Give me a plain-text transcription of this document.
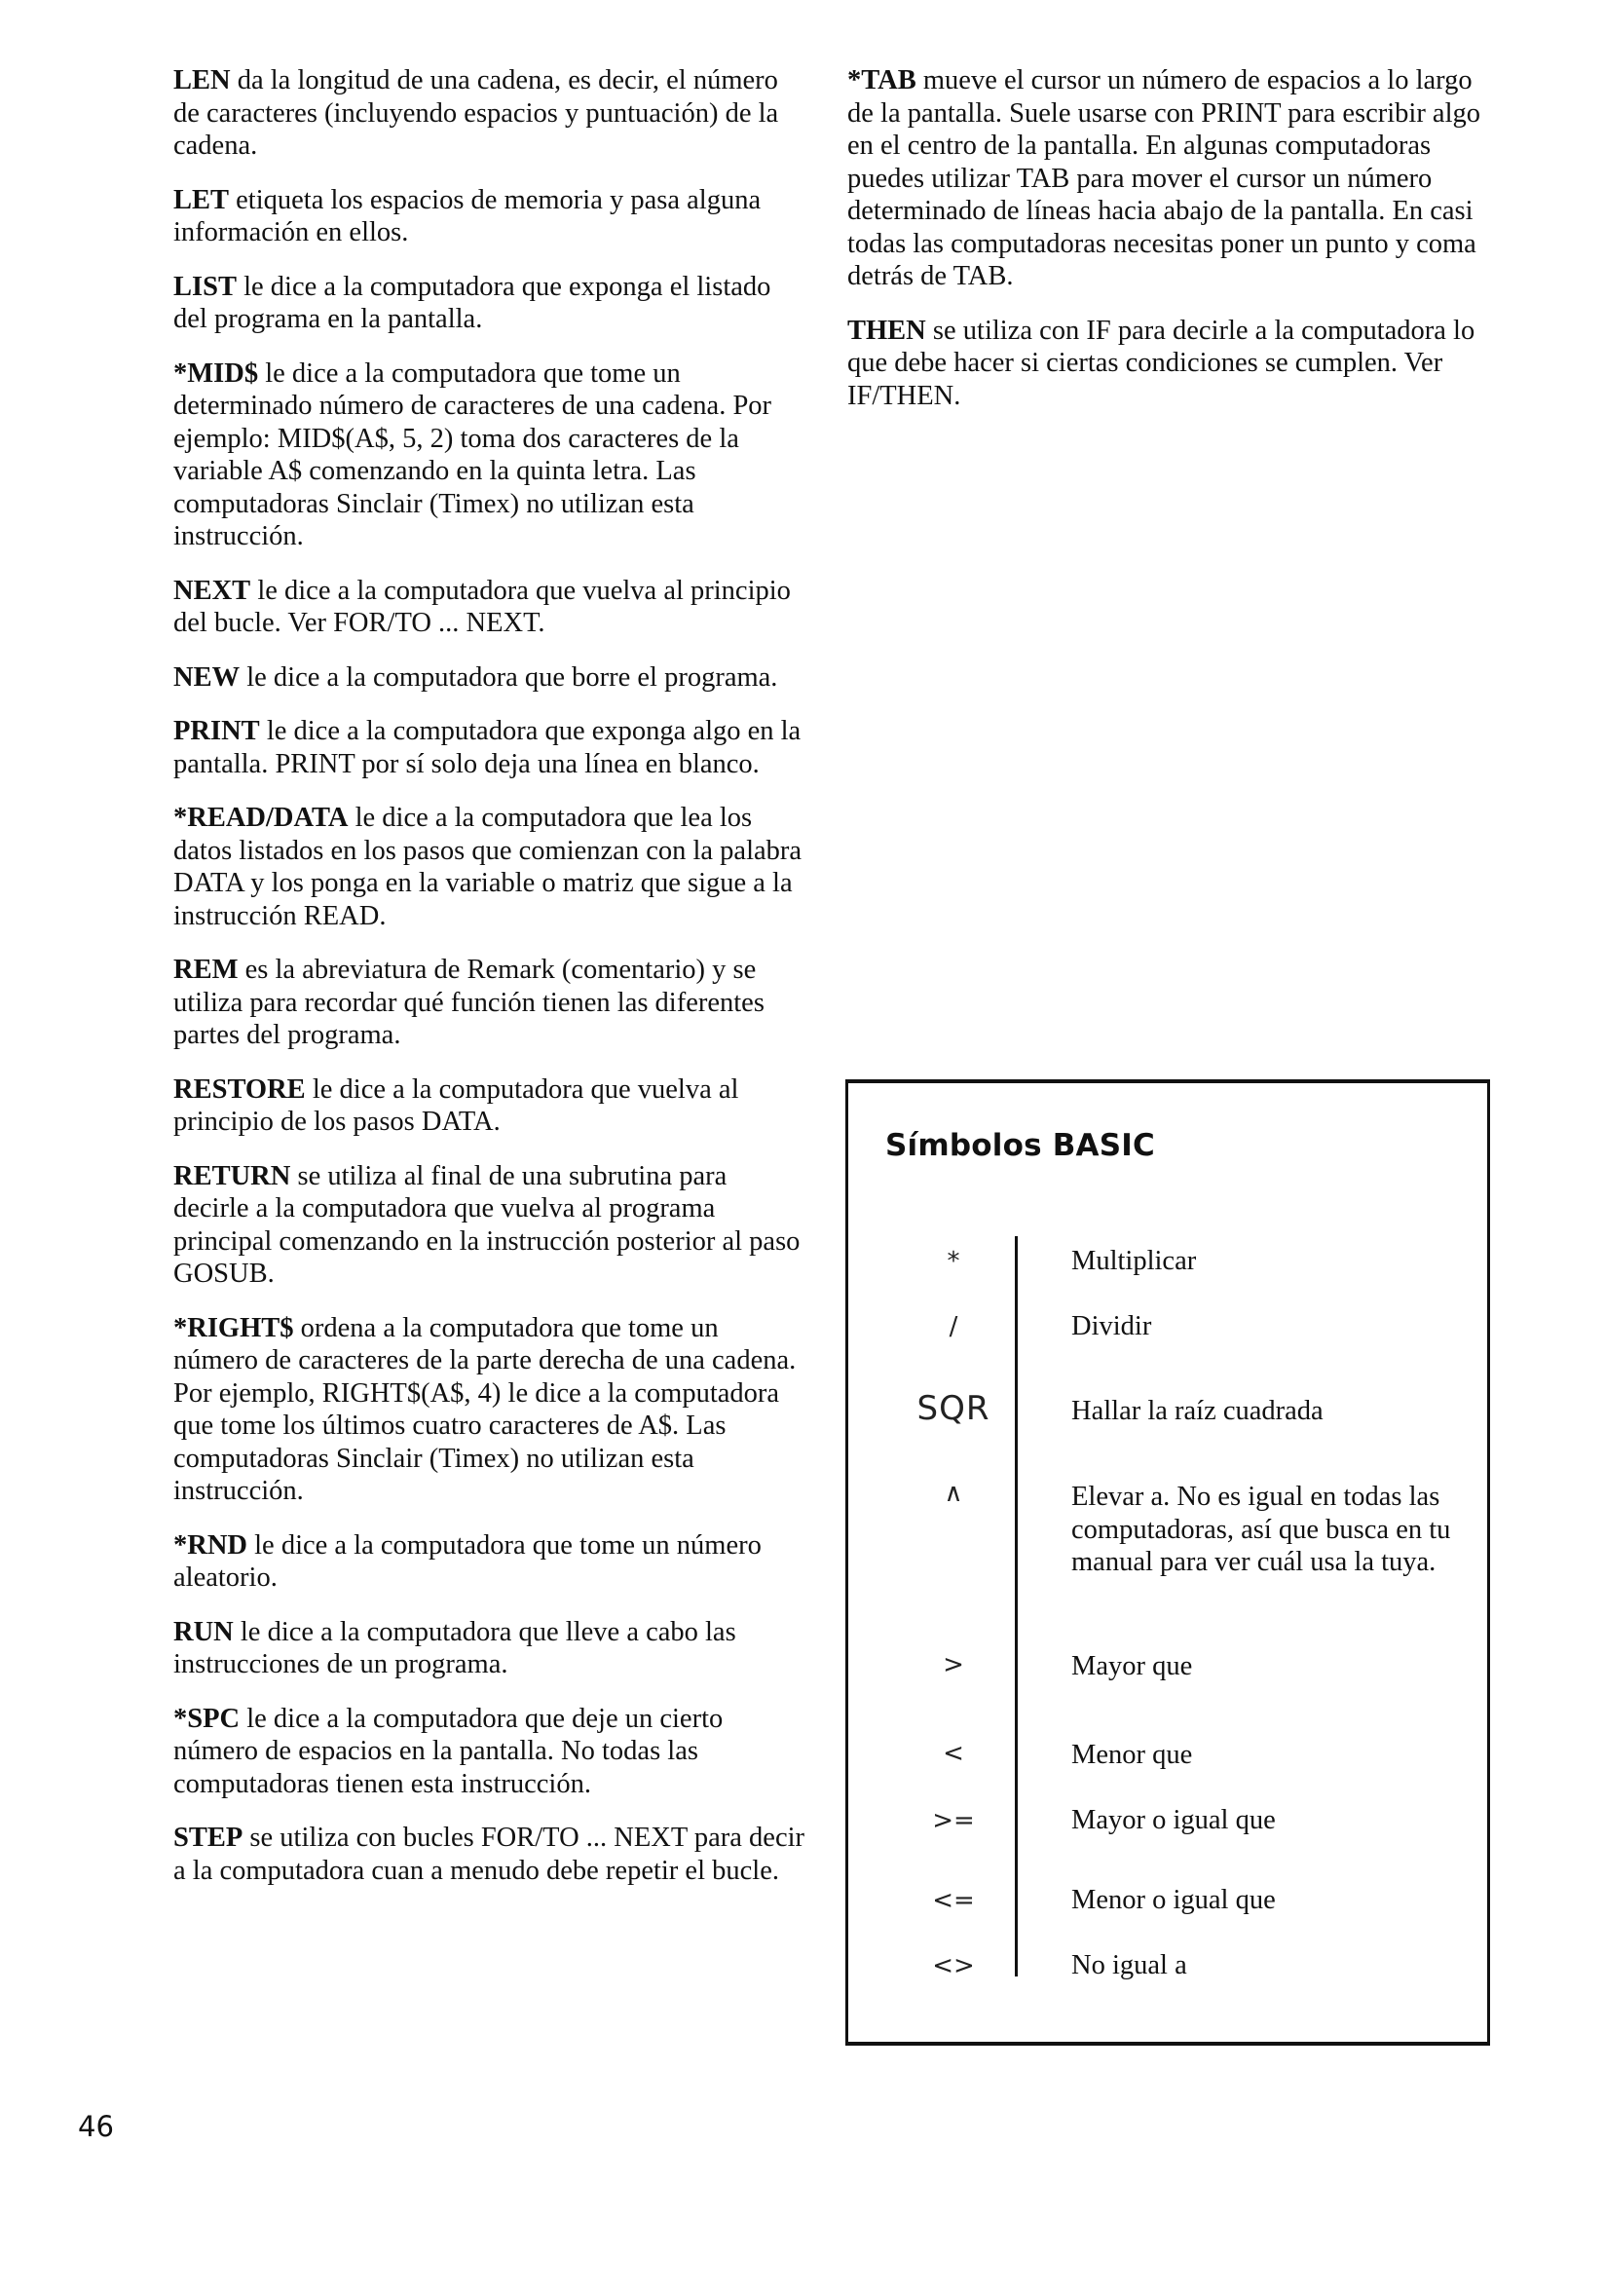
LEN da la longitud de una cadena, es decir, el número de caracteres (incluyendo espacios y puntuación) de la cadena.

LET etiqueta los espacios de memoria y pasa alguna información en ellos.

LIST le dice a la computadora que exponga el listado del programa en la pantalla.

*MID$ le dice a la computadora que tome un determinado número de caracteres de una cadena. Por ejemplo: MID$(A$, 5, 2) toma dos caracteres de la variable A$ comenzando en la quinta letra. Las computadoras Sinclair (Timex) no utilizan esta instrucción.

NEXT le dice a la computadora que vuelva al principio del bucle. Ver FOR/TO ... NEXT.

NEW le dice a la computadora que borre el programa.

PRINT le dice a la computadora que exponga algo en la pantalla. PRINT por sí solo deja una línea en blanco.

*READ/DATA le dice a la computadora que lea los datos listados en los pasos que comienzan con la palabra DATA y los ponga en la variable o matriz que sigue a la instrucción READ.

REM es la abreviatura de Remark (comentario) y se utiliza para recordar qué función tienen las diferentes partes del programa.

RESTORE le dice a la computadora que vuelva al principio de los pasos DATA.

RETURN se utiliza al final de una subrutina para decirle a la computadora que vuelva al programa principal comenzando en la instrucción posterior al paso GOSUB.

*RIGHT$ ordena a la computadora que tome un número de caracteres de la parte derecha de una cadena. Por ejemplo, RIGHT$(A$, 4) le dice a la computadora que tome los últimos cuatro caracteres de A$. Las computadoras Sinclair (Timex) no utilizan esta instrucción.

*RND le dice a la computadora que tome un número aleatorio.

RUN le dice a la computadora que lleve a cabo las instrucciones de un programa.

*SPC le dice a la computadora que deje un cierto número de espacios en la pantalla. No todas las computadoras tienen esta instrucción.

STEP se utiliza con bucles FOR/TO ... NEXT para decir a la computadora cuan a menudo debe repetir el bucle.

*TAB mueve el cursor un número de espacios a lo largo de la pantalla. Suele usarse con PRINT para escribir algo en el centro de la pantalla. En algunas computadoras puedes utilizar TAB para mover el cursor un número determinado de líneas hacia abajo de la pantalla. En casi todas las computadoras necesitas poner un punto y coma detrás de TAB.

THEN se utiliza con IF para decirle a la computadora lo que debe hacer si ciertas condiciones se cumplen. Ver IF/THEN.

Símbolos BASIC
*	Multiplicar
/	Dividir
SQR	Hallar la raíz cuadrada
∧	Elevar a. No es igual en todas las computadoras, así que busca en tu manual para ver cuál usa la tuya.
>	Mayor que
<	Menor que
>=	Mayor o igual que
<=	Menor o igual que
<>	No igual a
46
